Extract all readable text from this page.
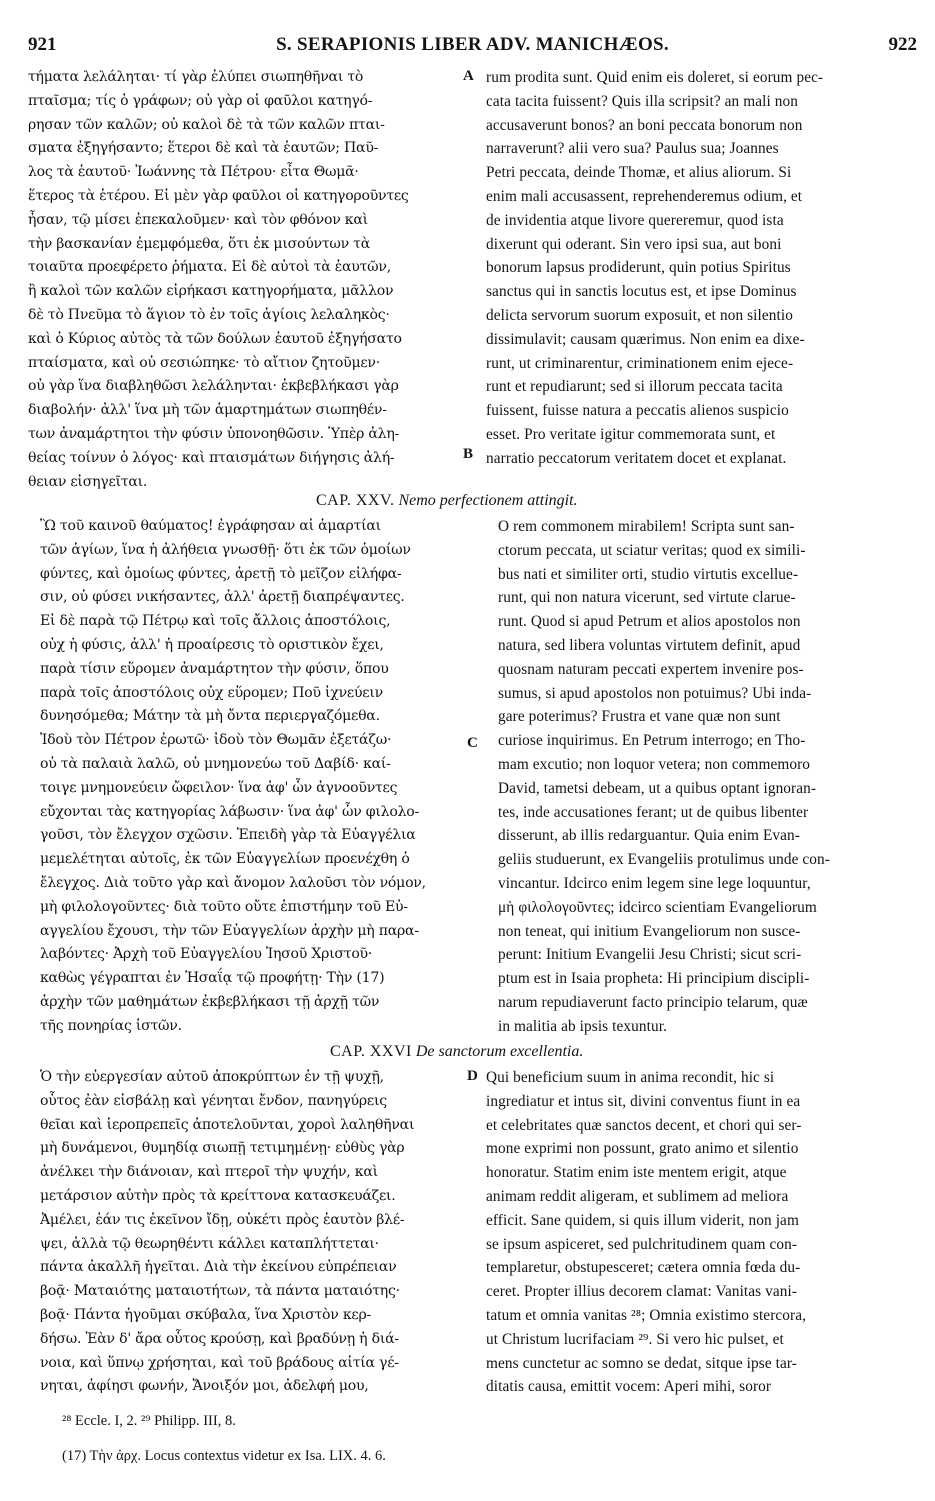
921	S. SERAPIONIS LIBER ADV. MANICHÆOS.	922
τήματα λελάληται· τί γὰρ ἐλύπει σιωπηθῆναι τὸ
πταῖσμα; τίς ὁ γράφων; οὐ γὰρ οἱ φαῦλοι κατηγό-
ρησαν τῶν καλῶν; οὐ καλοὶ δὲ τὰ τῶν καλῶν πται-
σματα ἐξηγήσαντο; ἕτεροι δὲ καὶ τὰ ἑαυτῶν; Παῦ-
λος τὰ ἑαυτοῦ· Ἰωάννης τὰ Πέτρου· εἶτα Θωμᾶ·
ἕτερος τὰ ἑτέρου. Εἰ μὲν γὰρ φαῦλοι οἱ κατηγοροῦντες
ἦσαν, τῷ μίσει ἐπεκαλοῦμεν· καὶ τὸν φθόνον καὶ
τὴν βασκανίαν ἐμεμφόμεθα, ὅτι ἐκ μισούντων τὰ
τοιαῦτα προεφέρετο ῥήματα. Εἰ δὲ αὐτοὶ τὰ ἑαυτῶν,
ἢ καλοὶ τῶν καλῶν εἰρήκασι κατηγορήματα, μᾶλλον
δὲ τὸ Πνεῦμα τὸ ἅγιον τὸ ἐν τοῖς ἁγίοις λελαληκὸς·
καὶ ὁ Κύριος αὐτὸς τὰ τῶν δούλων ἑαυτοῦ ἐξηγήσατο
πταίσματα, καὶ οὐ σεσιώπηκε· τὸ αἴτιον ζητοῦμεν·
οὐ γὰρ ἵνα διαβληθῶσι λελάληνται· ἐκβεβλήκασι γὰρ
διαβολήν· ἀλλ' ἵνα μὴ τῶν ἁμαρτημάτων σιωπηθέν-
των ἀναμάρτητοι τὴν φύσιν ὑπονοηθῶσιν. Ὑπὲρ ἀλη-
θείας τοίνυν ὁ λόγος· καὶ πταισμάτων διήγησις ἀλή-
θειαν εἰσηγεῖται.
rum prodita sunt. Quid enim eis doleret, si eorum pec-
cata tacita fuissent? Quis illa scripsit? an mali non
accusaverunt bonos? an boni peccata bonorum non
narraverunt? alii vero sua? Paulus sua; Joannes
Petri peccata, deinde Thomæ, et alius aliorum. Si
enim mali accusassent, reprehenderemus odium, et
de invidentia atque livore quereremur, quod ista
dixerunt qui oderant. Sin vero ipsi sua, aut boni
bonorum lapsus prodiderunt, quin potius Spiritus
sanctus qui in sanctis locutus est, et ipse Dominus
delicta servorum suorum exposuit, et non silentio
dissimulavit; causam quærimus. Non enim ea dixe-
runt, ut criminarentur, criminationem enim ejece-
runt et repudiarunt; sed si illorum peccata tacita
fuissent, fuisse natura a peccatis alienos suspicio
esset. Pro veritate igitur commemorata sunt, et
narratio peccatorum veritatem docet et explanat.
A
B
CAP. XXV. Nemo perfectionem attingit.
Ὢ τοῦ καινοῦ θαύματος! ἐγράφησαν αἱ ἁμαρτίαι
τῶν ἁγίων, ἵνα ἡ ἀλήθεια γνωσθῇ· ὅτι ἐκ τῶν ὁμοίων
φύντες, καὶ ὁμοίως φύντες, ἀρετῇ τὸ μεῖζον εἰλήφα-
σιν, οὐ φύσει νικήσαντες, ἀλλ' ἀρετῇ διαπρέψαντες.
Εἰ δὲ παρὰ τῷ Πέτρῳ καὶ τοῖς ἄλλοις ἀποστόλοις,
οὐχ ἡ φύσις, ἀλλ' ἡ προαίρεσις τὸ οριστικὸν ἔχει,
παρὰ τίσιν εὕρομεν ἀναμάρτητον τὴν φύσιν, ὅπου
παρὰ τοῖς ἀποστόλοις οὐχ εὕρομεν; Ποῦ ἰχνεύειν
δυνησόμεθα; Μάτην τὰ μὴ ὄντα περιεργαζόμεθα.
Ἰδοὺ τὸν Πέτρον ἐρωτῶ· ἰδοὺ τὸν Θωμᾶν ἐξετάζω·
οὐ τὰ παλαιὰ λαλῶ, οὐ μνημονεύω τοῦ Δαβίδ· καί-
τοιγε μνημονεύειν ὤφειλον· ἵνα ἀφ' ὧν ἀγνοοῦντες
εὔχονται τὰς κατηγορίας λάβωσιν· ἵνα ἀφ' ὧν φιλολο-
γοῦσι, τὸν ἔλεγχον σχῶσιν. Ἐπειδὴ γὰρ τὰ Εὐαγγέλια
μεμελέτηται αὐτοῖς, ἐκ τῶν Εὐαγγελίων προενέχθη ὁ
ἔλεγχος. Διὰ τοῦτο γὰρ καὶ ἄνομον λαλοῦσι τὸν νόμον,
μὴ φιλολογοῦντες· διὰ τοῦτο οὔτε ἐπιστήμην τοῦ Εὐ-
αγγελίου ἔχουσι, τὴν τῶν Εὐαγγελίων ἀρχὴν μὴ παρα-
λαβόντες· Ἀρχὴ τοῦ Εὐαγγελίου Ἰησοῦ Χριστοῦ·
καθὼς γέγραπται ἐν Ἡσαΐᾳ τῷ προφήτῃ· Τὴν (17)
ἀρχὴν τῶν μαθημάτων ἐκβεβλήκασι τῇ ἀρχῇ τῶν
τῆς πονηρίας ἱστῶν.
O rem commonem mirabilem! Scripta sunt san-
ctorum peccata, ut sciatur veritas; quod ex simili-
bus nati et similiter orti, studio virtutis excellue-
runt, qui non natura vicerunt, sed virtute claruе-
runt. Quod si apud Petrum et alios apostolos non
natura, sed libera voluntas virtutem definit, apud
quosnam naturam peccati expertem invenire pos-
sumus, si apud apostolos non potuimus? Ubi inda-
gare poterimus? Frustra et vane quæ non sunt
curiose inquirimus. En Petrum interrogo; en Tho-
mam excutio; non loquor vetera; non commemoro
David, tametsi debeam, ut a quibus optant ignoran-
tes, inde accusationes ferant; ut de quibus libenter
disserunt, ab illis redarguantur. Quia enim Evan-
geliis studuerunt, ex Evangeliis protulimus unde con-
vincantur. Idcirco enim legem sine lege loquuntur,
μὴ φιλολογοῦντες; idcirco scientiam Evangeliorum
non teneat, qui initium Evangeliorum non susce-
perunt: Initium Evangelii Jesu Christi; sicut scri-
ptum est in Isaia propheta: Hi principium discipli-
narum repudiaverunt facto principio telarum, quæ
in malitia ab ipsis texuntur.
C
CAP. XXVI De sanctorum excellentia.
Ὁ τὴν εὐεργεσίαν αὐτοῦ ἀποκρύπτων ἐν τῇ ψυχῇ,
οὗτος ἐὰν εἰσβάλῃ καὶ γένηται ἔνδον, πανηγύρεις
θεῖαι καὶ ἱεροπρεπεῖς ἀποτελοῦνται, χοροὶ λαληθῆναι
μὴ δυνάμενοι, θυμηδίᾳ σιωπῇ τετιμημένῃ· εὐθὺς γὰρ
ἀνέλκει τὴν διάνοιαν, καὶ πτεροῖ τὴν ψυχήν, καὶ
μετάρσιον αὐτὴν πρὸς τὰ κρείττονα κατασκευάζει.
Ἀμέλει, ἐάν τις ἐκεῖνον ἴδῃ, οὐκέτι πρὸς ἑαυτὸν βλέ-
ψει, ἀλλὰ τῷ θεωρηθέντι κάλλει καταπλήττεται·
πάντα ἀκαλλῆ ἡγεῖται. Διὰ τὴν ἐκείνου εὐπρέπειαν
βοᾷ· Ματαιότης ματαιοτήτων, τὰ πάντα ματαιότης·
βοᾷ· Πάντα ἡγοῦμαι σκύβαλα, ἵνα Χριστὸν κερ-
δήσω. Ἐὰν δ' ἄρα οὗτος κρούσῃ, καὶ βραδύνῃ ἡ διά-
νοια, καὶ ὕπνῳ χρήσηται, καὶ τοῦ βράδους αἰτία γέ-
νηται, ἀφίησι φωνήν, Ἄνοιξόν μοι, ἀδελφή μου,
Qui beneficium suum in anima recondit, hic si
ingrediatur et intus sit, divini conventus fiunt in ea
et celebritates quæ sanctos decent, et chori qui ser-
mone exprimi non possunt, grato animo et silentio
honoratur. Statim enim iste mentem erigit, atque
animam reddit aligeram, et sublimem ad meliora
efficit. Sane quidem, si quis illum viderit, non jam
se ipsum aspiceret, sed pulchritudinem quam con-
templaretur, obstupesceret; cætera omnia fœda du-
ceret. Propter illius decorem clamat: Vanitas vani-
tatum et omnia vanitas ²⁸; Omnia existimo stercora,
ut Christum lucrifaciam ²⁹. Si vero hic pulset, et
mens cunctetur ac somno se dedat, sitque ipse tar-
ditatis causa, emittit vocem: Aperi mihi, soror
D
²⁸ Eccle. I, 2. ²⁹ Philipp. III, 8.
(17) Τὴν ἀρχ. Locus contextus videtur ex Isa. LIX. 4. 6.
